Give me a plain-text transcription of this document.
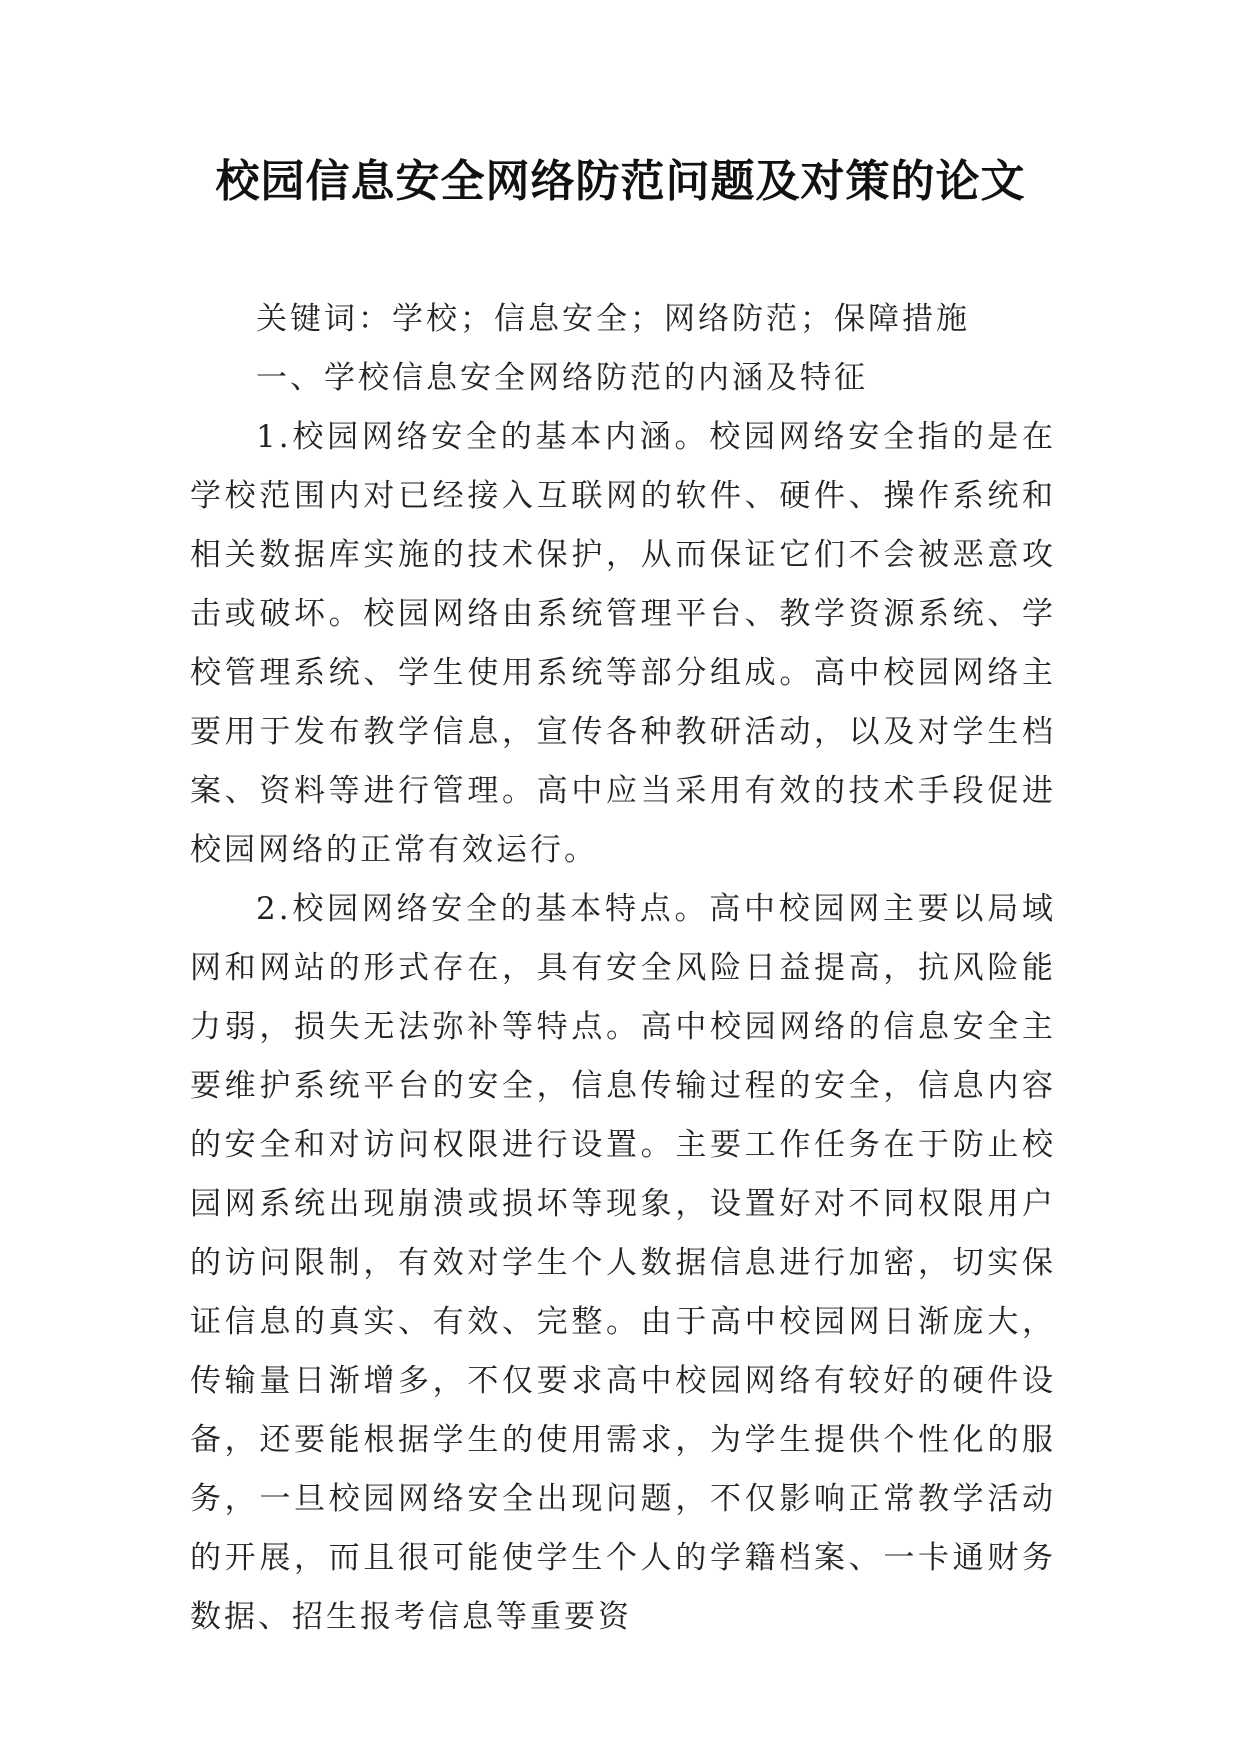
校园信息安全网络防范问题及对策的论文

关键词：学校；信息安全；网络防范；保障措施

一、学校信息安全网络防范的内涵及特征

1.校园网络安全的基本内涵。校园网络安全指的是在学校范围内对已经接入互联网的软件、硬件、操作系统和相关数据库实施的技术保护，从而保证它们不会被恶意攻击或破坏。校园网络由系统管理平台、教学资源系统、学校管理系统、学生使用系统等部分组成。高中校园网络主要用于发布教学信息，宣传各种教研活动，以及对学生档案、资料等进行管理。高中应当采用有效的技术手段促进校园网络的正常有效运行。

2.校园网络安全的基本特点。高中校园网主要以局域网和网站的形式存在，具有安全风险日益提高，抗风险能力弱，损失无法弥补等特点。高中校园网络的信息安全主要维护系统平台的安全，信息传输过程的安全，信息内容的安全和对访问权限进行设置。主要工作任务在于防止校园网系统出现崩溃或损坏等现象，设置好对不同权限用户的访问限制，有效对学生个人数据信息进行加密，切实保证信息的真实、有效、完整。由于高中校园网日渐庞大，传输量日渐增多，不仅要求高中校园网络有较好的硬件设备，还要能根据学生的使用需求，为学生提供个性化的服务，一旦校园网络安全出现问题，不仅影响正常教学活动的开展，而且很可能使学生个人的学籍档案、一卡通财务数据、招生报考信息等重要资
